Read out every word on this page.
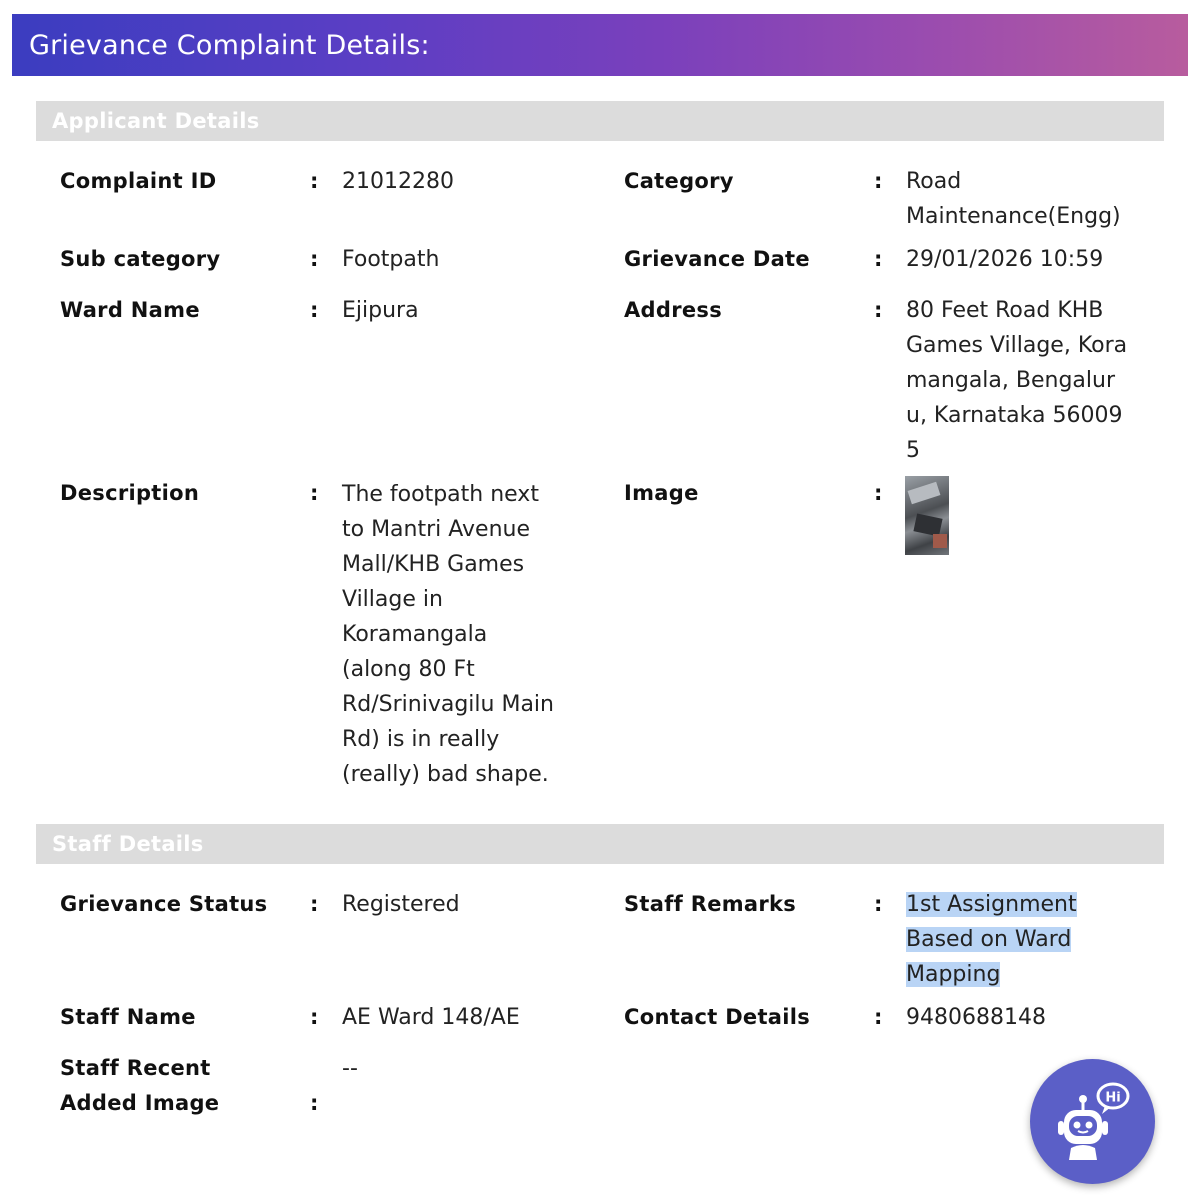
Grievance Complaint Details:
Applicant Details
Complaint ID	: 21012280	Category	: Road
Maintenance(Engg)
Sub category	: Footpath	Grievance Date	: 29/01/2026 10:59
Ward Name	: Ejipura	Address	: 80 Feet Road KHB
Games Village, Kora
mangala, Bengalur
u, Karnataka 56009
5
Description	: The footpath next
to Mantri Avenue
Mall/KHB Games
Village in
Koramangala
(along 80 Ft
Rd/Srinivagilu Main
Rd) is in really
(really) bad shape.
Image	:
Staff Details
Grievance Status	: Registered	Staff Remarks	: 1st Assignment
Based on Ward
Mapping
Staff Name	: AE Ward 148/AE	Contact Details	: 9480688148
Staff Recent
Added Image	:
--
Hi
